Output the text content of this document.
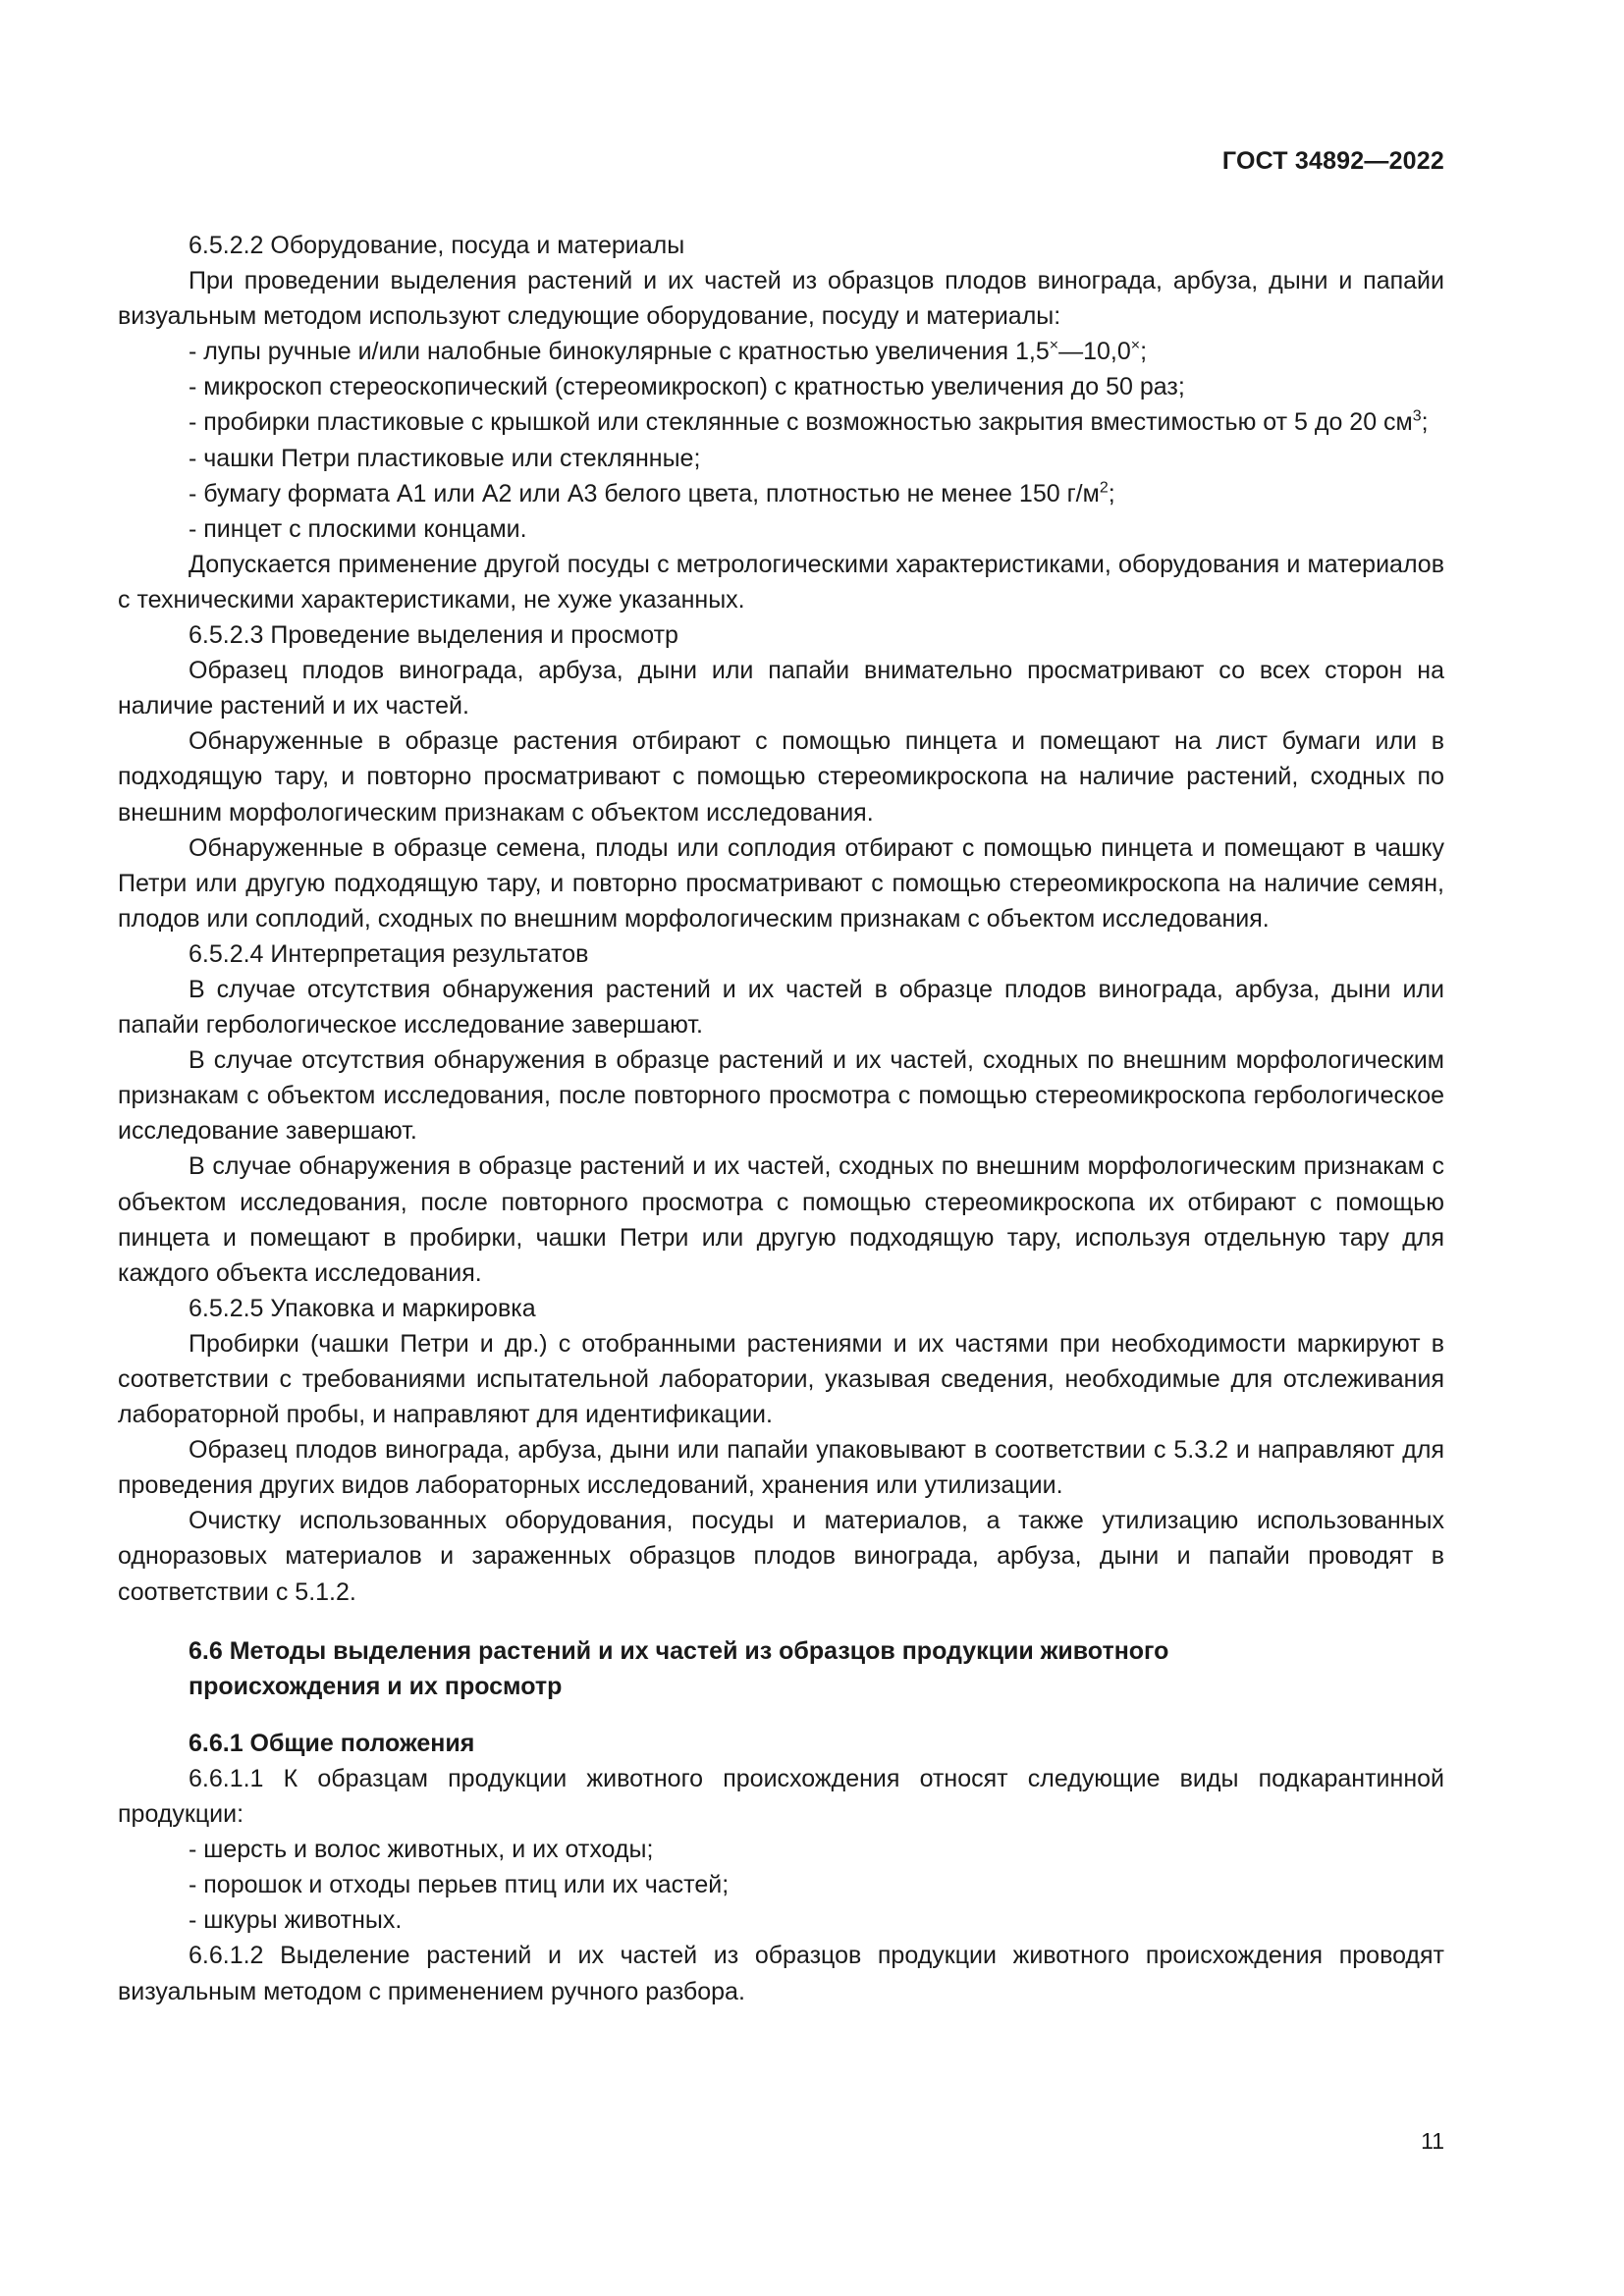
ГОСТ 34892—2022

6.5.2.2 Оборудование, посуда и материалы

При проведении выделения растений и их частей из образцов плодов винограда, арбуза, дыни и папайи визуальным методом используют следующие оборудование, посуду и материалы:

- лупы ручные и/или налобные бинокулярные с кратностью увеличения 1,5×—10,0×;

- микроскоп стереоскопический (стереомикроскоп) с кратностью увеличения до 50 раз;

- пробирки пластиковые с крышкой или стеклянные с возможностью закрытия вместимостью от 5 до 20 $см^3$;

- чашки Петри пластиковые или стеклянные;

- бумагу формата А1 или А2 или А3 белого цвета, плотностью не менее 150 $г/м^2$;

- пинцет с плоскими концами.

Допускается применение другой посуды с метрологическими характеристиками, оборудования и материалов с техническими характеристиками, не хуже указанных.

6.5.2.3 Проведение выделения и просмотр

Образец плодов винограда, арбуза, дыни или папайи внимательно просматривают со всех сторон на наличие растений и их частей.

Обнаруженные в образце растения отбирают с помощью пинцета и помещают на лист бумаги или в подходящую тару, и повторно просматривают с помощью стереомикроскопа на наличие растений, сходных по внешним морфологическим признакам с объектом исследования.

Обнаруженные в образце семена, плоды или соплодия отбирают с помощью пинцета и помещают в чашку Петри или другую подходящую тару, и повторно просматривают с помощью стереомикроскопа на наличие семян, плодов или соплодий, сходных по внешним морфологическим признакам с объектом исследования.

6.5.2.4 Интерпретация результатов

В случае отсутствия обнаружения растений и их частей в образце плодов винограда, арбуза, дыни или папайи гербологическое исследование завершают.

В случае отсутствия обнаружения в образце растений и их частей, сходных по внешним морфологическим признакам с объектом исследования, после повторного просмотра с помощью стереомикроскопа гербологическое исследование завершают.

В случае обнаружения в образце растений и их частей, сходных по внешним морфологическим признакам с объектом исследования, после повторного просмотра с помощью стереомикроскопа их отбирают с помощью пинцета и помещают в пробирки, чашки Петри или другую подходящую тару, используя отдельную тару для каждого объекта исследования.

6.5.2.5 Упаковка и маркировка

Пробирки (чашки Петри и др.) с отобранными растениями и их частями при необходимости маркируют в соответствии с требованиями испытательной лаборатории, указывая сведения, необходимые для отслеживания лабораторной пробы, и направляют для идентификации.

Образец плодов винограда, арбуза, дыни или папайи упаковывают в соответствии с 5.3.2 и направляют для проведения других видов лабораторных исследований, хранения или утилизации.

Очистку использованных оборудования, посуды и материалов, а также утилизацию использованных одноразовых материалов и зараженных образцов плодов винограда, арбуза, дыни и папайи проводят в соответствии с 5.1.2.

6.6 Методы выделения растений и их частей из образцов продукции животного
происхождения и их просмотр
6.6.1 Общие положения

6.6.1.1 К образцам продукции животного происхождения относят следующие виды подкарантинной продукции:

- шерсть и волос животных, и их отходы;

- порошок и отходы перьев птиц или их частей;

- шкуры животных.

6.6.1.2 Выделение растений и их частей из образцов продукции животного происхождения проводят визуальным методом с применением ручного разбора.

11
